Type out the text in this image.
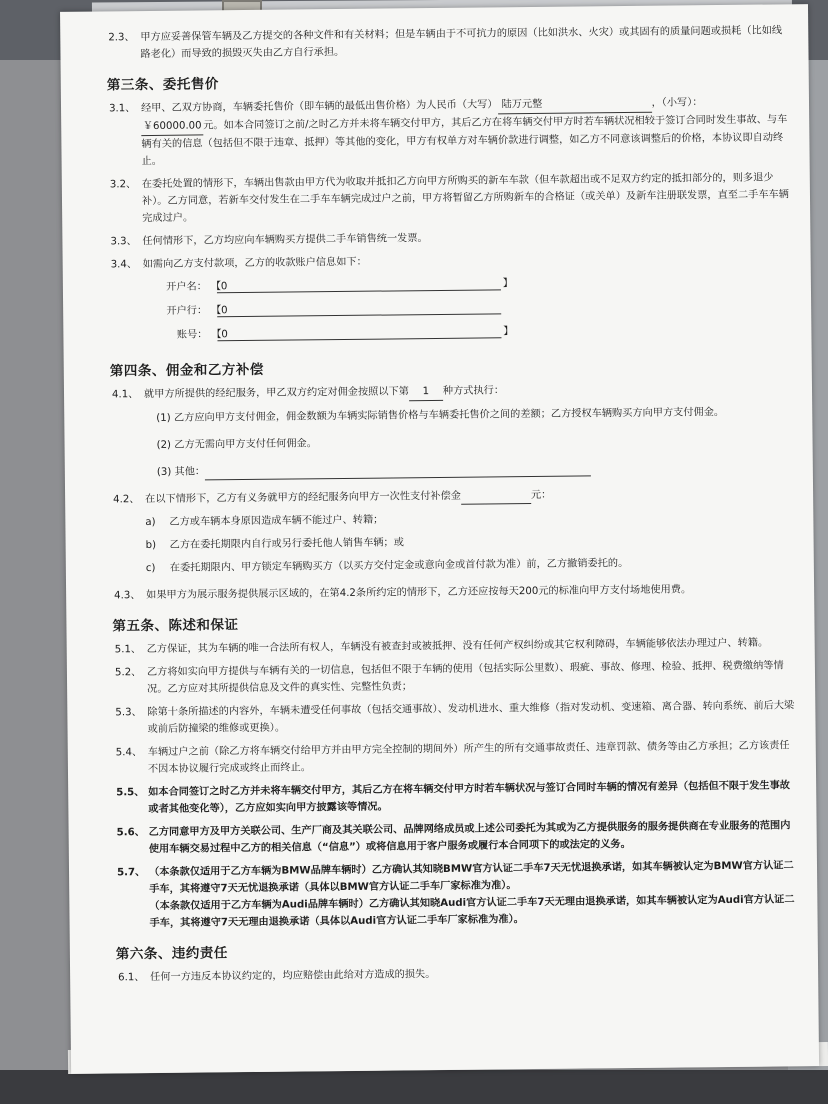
2.3、 甲方应妥善保管车辆及乙方提交的各种文件和有关材料；但是车辆由于不可抗力的原因（比如洪水、火灾）或其固有的质量问题或损耗（比如线路老化）而导致的损毁灭失由乙方自行承担。
第三条、委托售价
3.1、 经甲、乙双方协商，车辆委托售价（即车辆的最低出售价格）为人民币（大写） 陆万元整	，（小写）：
￥60000.00元。如本合同签订之前/之时乙方并未将车辆交付甲方，其后乙方在将车辆交付甲方时若车辆状况相较于签订合同时发生事故、与车辆有关的信息（包括但不限于违章、抵押）等其他的变化，甲方有权单方对车辆价款进行调整，如乙方不同意该调整后的价格，本协议即自动终止。
3.2、 在委托处置的情形下，车辆出售款由甲方代为收取并抵扣乙方向甲方所购买的新车车款（但车款超出或不足双方约定的抵扣部分的，则多退少补）。乙方同意，若新车交付发生在二手车车辆完成过户之前，甲方将暂留乙方所购新车的合格证（或关单）及新车注册联发票，直至二手车车辆完成过户。
3.3、 任何情形下，乙方均应向车辆购买方提供二手车销售统一发票。
3.4、 如需向乙方支付款项，乙方的收款账户信息如下：
开户名： 【 0	】
开户行： 【 0
账号： 【 0	】
第四条、佣金和乙方补偿
4.1、 就甲方所提供的经纪服务，甲乙双方约定对佣金按照以下第 1 种方式执行：
(1) 乙方应向甲方支付佣金，佣金数额为车辆实际销售价格与车辆委托售价之间的差额；乙方授权车辆购买方向甲方支付佣金。
(2) 乙方无需向甲方支付任何佣金。
(3) 其他：
4.2、 在以下情形下，乙方有义务就甲方的经纪服务向甲方一次性支付补偿金	元：
a) 乙方或车辆本身原因造成车辆不能过户、转籍；
b) 乙方在委托期限内自行或另行委托他人销售车辆；或
c) 在委托期限内、甲方锁定车辆购买方（以买方交付定金或意向金或首付款为准）前，乙方撤销委托的。
4.3、 如果甲方为展示服务提供展示区域的，在第4.2条所约定的情形下，乙方还应按每天200元的标准向甲方支付场地使用费。
第五条、陈述和保证
5.1、 乙方保证，其为车辆的唯一合法所有权人，车辆没有被查封或被抵押、没有任何产权纠纷或其它权利障碍，车辆能够依法办理过户、转籍。
5.2、 乙方将如实向甲方提供与车辆有关的一切信息，包括但不限于车辆的使用（包括实际公里数）、瑕疵、事故、修理、检验、抵押、税费缴纳等情况。乙方应对其所提供信息及文件的真实性、完整性负责；
5.3、 除第十条所描述的内容外，车辆未遭受任何事故（包括交通事故）、发动机进水、重大维修（指对发动机、变速箱、离合器、转向系统、前后大梁或前后防撞梁的维修或更换）。
5.4、 车辆过户之前（除乙方将车辆交付给甲方并由甲方完全控制的期间外）所产生的所有交通事故责任、违章罚款、债务等由乙方承担；乙方该责任不因本协议履行完成或终止而终止。
5.5、 如本合同签订之时乙方并未将车辆交付甲方，其后乙方在将车辆交付甲方时若车辆状况与签订合同时车辆的情况有差异（包括但不限于发生事故或者其他变化等），乙方应如实向甲方披露该等情况。
5.6、 乙方同意甲方及甲方关联公司、生产厂商及其关联公司、品牌网络成员或上述公司委托为其或为乙方提供服务的服务提供商在专业服务的范围内使用车辆交易过程中乙方的相关信息（“信息”）或将信息用于客户服务或履行本合同项下的或法定的义务。
5.7、 （本条款仅适用于乙方车辆为BMW品牌车辆时）乙方确认其知晓BMW官方认证二手车7天无忧退换承诺，如其车辆被认定为BMW官方认证二手车，其将遵守7天无忧退换承诺（具体以BMW官方认证二手车厂家标准为准）。
（本条款仅适用于乙方车辆为Audi品牌车辆时）乙方确认其知晓Audi官方认证二手车7天无理由退换承诺，如其车辆被认定为Audi官方认证二手车，其将遵守7天无理由退换承诺（具体以Audi官方认证二手车厂家标准为准）。
第六条、违约责任
6.1、 任何一方违反本协议约定的，均应赔偿由此给对方造成的损失。
